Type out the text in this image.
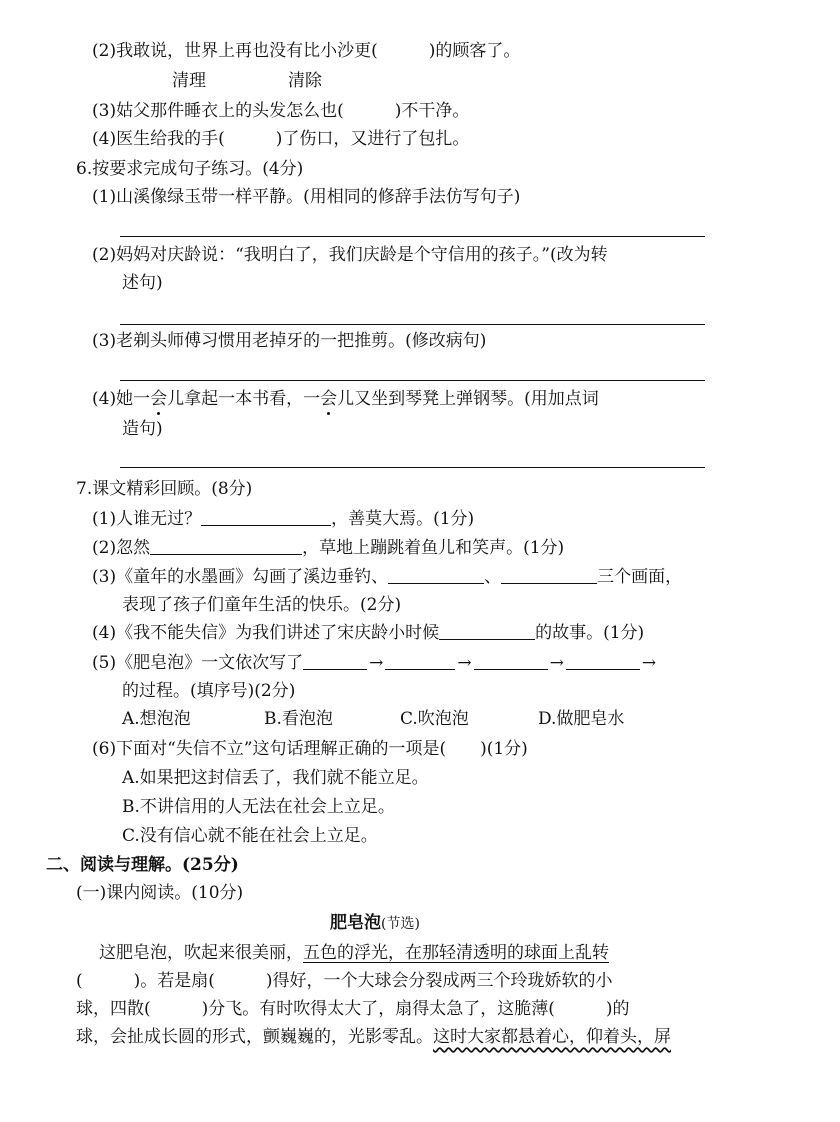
(2)我敢说，世界上再也没有比小沙更(　　　)的顾客了。
清理	清除
(3)姑父那件睡衣上的头发怎么也(　　　)不干净。
(4)医生给我的手(　　　)了伤口，又进行了包扎。
6.按要求完成句子练习。(4分)
(1)山溪像绿玉带一样平静。(用相同的修辞手法仿写句子)
(2)妈妈对庆龄说：“我明白了，我们庆龄是个守信用的孩子。”(改为转
述句)
(3)老剃头师傅习惯用老掉牙的一把推剪。(修改病句)
(4)她一会儿拿起一本书看，一会儿又坐到琴凳上弹钢琴。(用加点词
造句)
7.课文精彩回顾。(8分)
(1)人谁无过？	，善莫大焉。(1分)
(2)忽然	，草地上蹦跳着鱼儿和笑声。(1分)
(3)《童年的水墨画》勾画了溪边垂钓、	、	三个画面，
表现了孩子们童年生活的快乐。(2分)
(4)《我不能失信》为我们讲述了宋庆龄小时候	的故事。(1分)
(5)《肥皂泡》一文依次写了	→	→	→	→
的过程。(填序号)(2分)
A.想泡泡	B.看泡泡	C.吹泡泡	D.做肥皂水
(6)下面对“失信不立”这句话理解正确的一项是(　　)(1分)
A.如果把这封信丢了，我们就不能立足。
B.不讲信用的人无法在社会上立足。
C.没有信心就不能在社会上立足。
二、阅读与理解。(25分)
(一)课内阅读。(10分)
肥皂泡(节选)
　这肥皂泡，吹起来很美丽，五色的浮光，在那轻清透明的球面上乱转
(　　　)。若是扇(　　　)得好，一个大球会分裂成两三个玲珑娇软的小
球，四散(　　　)分飞。有时吹得太大了，扇得太急了，这脆薄(　　　)的
球，会扯成长圆的形式，颤巍巍的，光影零乱。这时大家都悬着心，仰着头，屏
